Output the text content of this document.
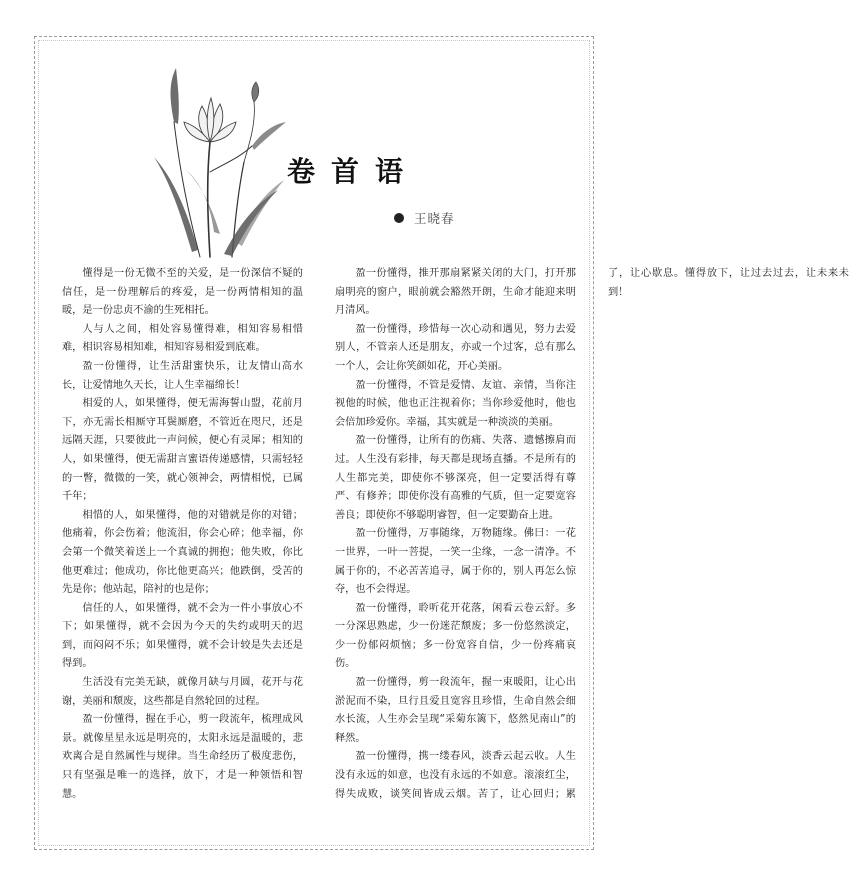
卷首语
王晓春

懂得是一份无微不至的关爱，是一份深信不疑的信任，是一份理解后的疼爱，是一份两情相知的温暖，是一份忠贞不渝的生死相托。

人与人之间，相处容易懂得难，相知容易相惜难，相识容易相知难，相知容易相爱到底难。

盈一份懂得，让生活甜蜜快乐，让友情山高水长，让爱情地久天长，让人生幸福绵长！

相爱的人，如果懂得，便无需海誓山盟，花前月下，亦无需长相厮守耳鬓厮磨，不管近在咫尺，还是远隔天涯，只要彼此一声问候，便心有灵犀；相知的人，如果懂得，便无需甜言蜜语传递感情，只需轻轻的一瞥，微微的一笑，就心领神会，两情相悦，已属千年；

相惜的人，如果懂得，他的对错就是你的对错；他痛着，你会伤着；他流泪，你会心碎；他幸福，你会第一个微笑着送上一个真诚的拥抱；他失败，你比他更难过；他成功，你比他更高兴；他跌倒，受苦的先是你；他站起，陪衬的也是你；

信任的人，如果懂得，就不会为一件小事放心不下；如果懂得，就不会因为今天的失约或明天的迟到，而闷闷不乐；如果懂得，就不会计较是失去还是得到。

生活没有完美无缺，就像月缺与月圆，花开与花谢，美丽和颓废，这些都是自然轮回的过程。

盈一份懂得，握在手心，剪一段流年，梳理成风景。就像星星永远是明亮的，太阳永远是温暖的，悲欢离合是自然属性与规律。当生命经历了极度悲伤，只有坚强是唯一的选择，放下，才是一种领悟和智慧。

盈一份懂得，推开那扇紧紧关闭的大门，打开那扇明亮的窗户，眼前就会豁然开朗，生命才能迎来明月清风。

盈一份懂得，珍惜每一次心动和遇见，努力去爱别人，不管亲人还是朋友，亦或一个过客，总有那么一个人，会让你笑颜如花，开心美丽。

盈一份懂得，不管是爱情、友谊、亲情，当你注视他的时候，他也正注视着你；当你珍爱他时，他也会倍加珍爱你。幸福，其实就是一种淡淡的美丽。

盈一份懂得，让所有的伤痛、失落、遗憾擦肩而过。人生没有彩排，每天都是现场直播。不是所有的人生都完美，即使你不够深亮，但一定要活得有尊严、有修养；即使你没有高雅的气质，但一定要宽容善良；即使你不够聪明睿智，但一定要勤奋上进。

盈一份懂得，万事随缘，万物随缘。佛曰：一花一世界，一叶一菩提，一笑一尘缘，一念一清净。不属于你的，不必苦苦追寻，属于你的，别人再怎么惊夺，也不会得逞。

盈一份懂得，聆听花开花落，闲看云卷云舒。多一分深思熟虑，少一份迷茫颓废；多一份悠然淡定，少一份郁闷烦恼；多一份宽容自信，少一份疼痛哀伤。

盈一份懂得，剪一段流年，握一束暖阳，让心出淤泥而不染，旦行且爱且宽容且珍惜，生命自然会细水长流，人生亦会呈现“采菊东篱下，悠然见南山”的释然。

盈一份懂得，携一缕春风，淡香云起云收。人生没有永远的如意，也没有永远的不如意。滚滚红尘，得失成败，谈笑间皆成云烟。苦了，让心回归；累了，让心歇息。懂得放下，让过去过去，让未来未到！
